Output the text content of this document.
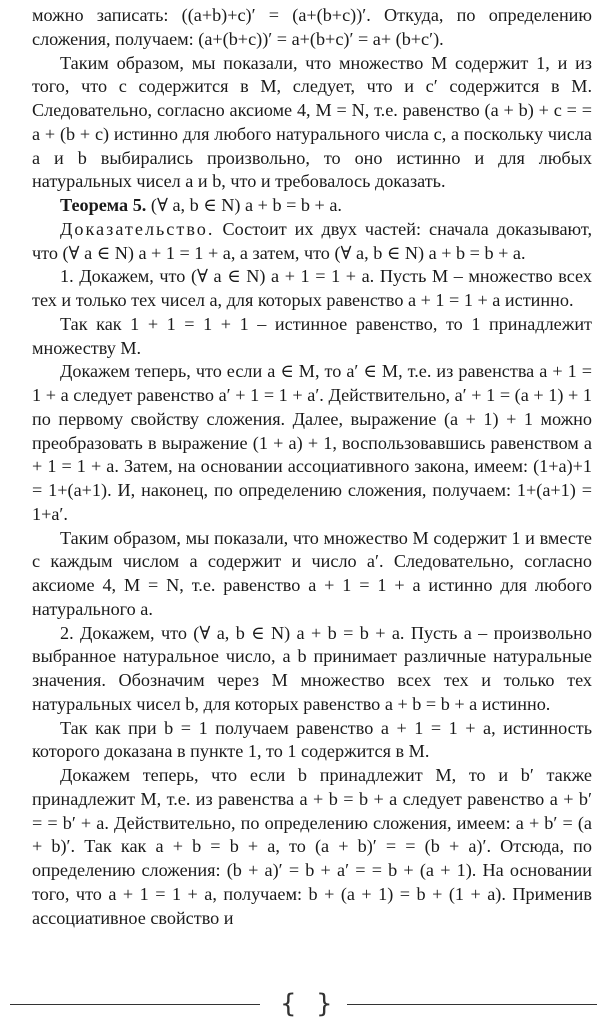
можно записать: ((a+b)+c)′ = (a+(b+c))′. Откуда, по определению сложения, получаем: (a+(b+c))′ = a+(b+c)′ = a+ (b+c′).

Таким образом, мы показали, что множество M содержит 1, и из того, что c содержится в M, следует, что и c′ содержится в M. Следовательно, согласно аксиоме 4, M = N, т.е. равенство (a + b) + c = = a + (b + c) истинно для любого натурального числа c, а поскольку числа a и b выбирались произвольно, то оно истинно и для любых натуральных чисел a и b, что и требовалось доказать.

Теорема 5. (∀ a, b ∈ N) a + b = b + a.

Доказательство. Состоит их двух частей: сначала доказывают, что (∀ a ∈ N) a + 1 = 1 + a, а затем, что (∀ a, b ∈ N) a + b = b + a.

1. Докажем, что (∀ a ∈ N) a + 1 = 1 + a. Пусть M – множество всех тех и только тех чисел a, для которых равенство a + 1 = 1 + a истинно.

Так как 1 + 1 = 1 + 1 – истинное равенство, то 1 принадлежит множеству M.

Докажем теперь, что если a ∈ M, то a′ ∈ M, т.е. из равенства a + 1 = 1 + a следует равенство a′ + 1 = 1 + a′. Действительно, a′ + 1 = (a + 1) + 1 по первому свойству сложения. Далее, выражение (a + 1) + 1 можно преобразовать в выражение (1 + a) + 1, воспользовавшись равенством a + 1 = 1 + a. Затем, на основании ассоциативного закона, имеем: (1+a)+1 = 1+(a+1). И, наконец, по определению сложения, получаем: 1+(a+1) = 1+a′.

Таким образом, мы показали, что множество M содержит 1 и вместе с каждым числом a содержит и число a′. Следовательно, согласно аксиоме 4, M = N, т.е. равенство a + 1 = 1 + a истинно для любого натурального a.

2. Докажем, что (∀ a, b ∈ N) a + b = b + a. Пусть a – произвольно выбранное натуральное число, а b принимает различные натуральные значения. Обозначим через M множество всех тех и только тех натуральных чисел b, для которых равенство a + b = b + a истинно.

Так как при b = 1 получаем равенство a + 1 = 1 + a, истинность которого доказана в пункте 1, то 1 содержится в M.

Докажем теперь, что если b принадлежит M, то и b′ также принадлежит M, т.е. из равенства a + b = b + a следует равенство a + b′ = = b′ + a. Действительно, по определению сложения, имеем: a + b′ = (a + b)′. Так как a + b = b + a, то (a + b)′ = = (b + a)′. Отсюда, по определению сложения: (b + a)′ = b + a′ = = b + (a + 1). На основании того, что a + 1 = 1 + a, получаем: b + (a + 1) = b + (1 + a). Применив ассоциативное свойство и

{ }
